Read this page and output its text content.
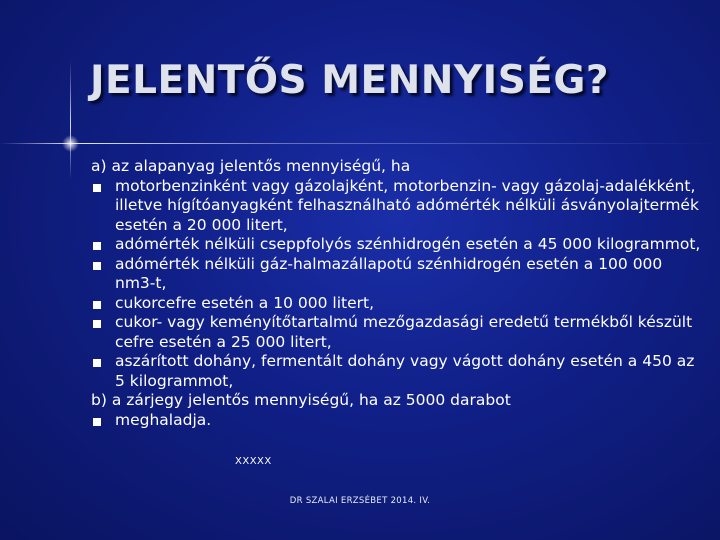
JELENTŐS MENNYISÉG?

a) az alapanyag jelentős mennyiségű, ha

motorbenzinként vagy gázolajként, motorbenzin- vagy gázolaj-adalékként, illetve hígítóanyagként felhasználható adómérték nélküli ásványolajtermék esetén a 20 000 litert,
adómérték nélküli cseppfolyós szénhidrogén esetén a 45 000 kilogrammot,
adómérték nélküli gáz-halmazállapotú szénhidrogén esetén a 100 000 nm3-t,
cukorcefre esetén a 10 000 litert,
cukor- vagy keményítőtartalmú mezőgazdasági eredetű termékből készült cefre esetén a 25 000 litert,
aszárított dohány, fermentált dohány vagy vágott dohány esetén a 450 az 5 kilogrammot,

b) a zárjegy jelentős mennyiségű, ha az 5000 darabot

meghaladja.
XXXXX
DR SZALAI ERZSÉBET 2014. IV.
